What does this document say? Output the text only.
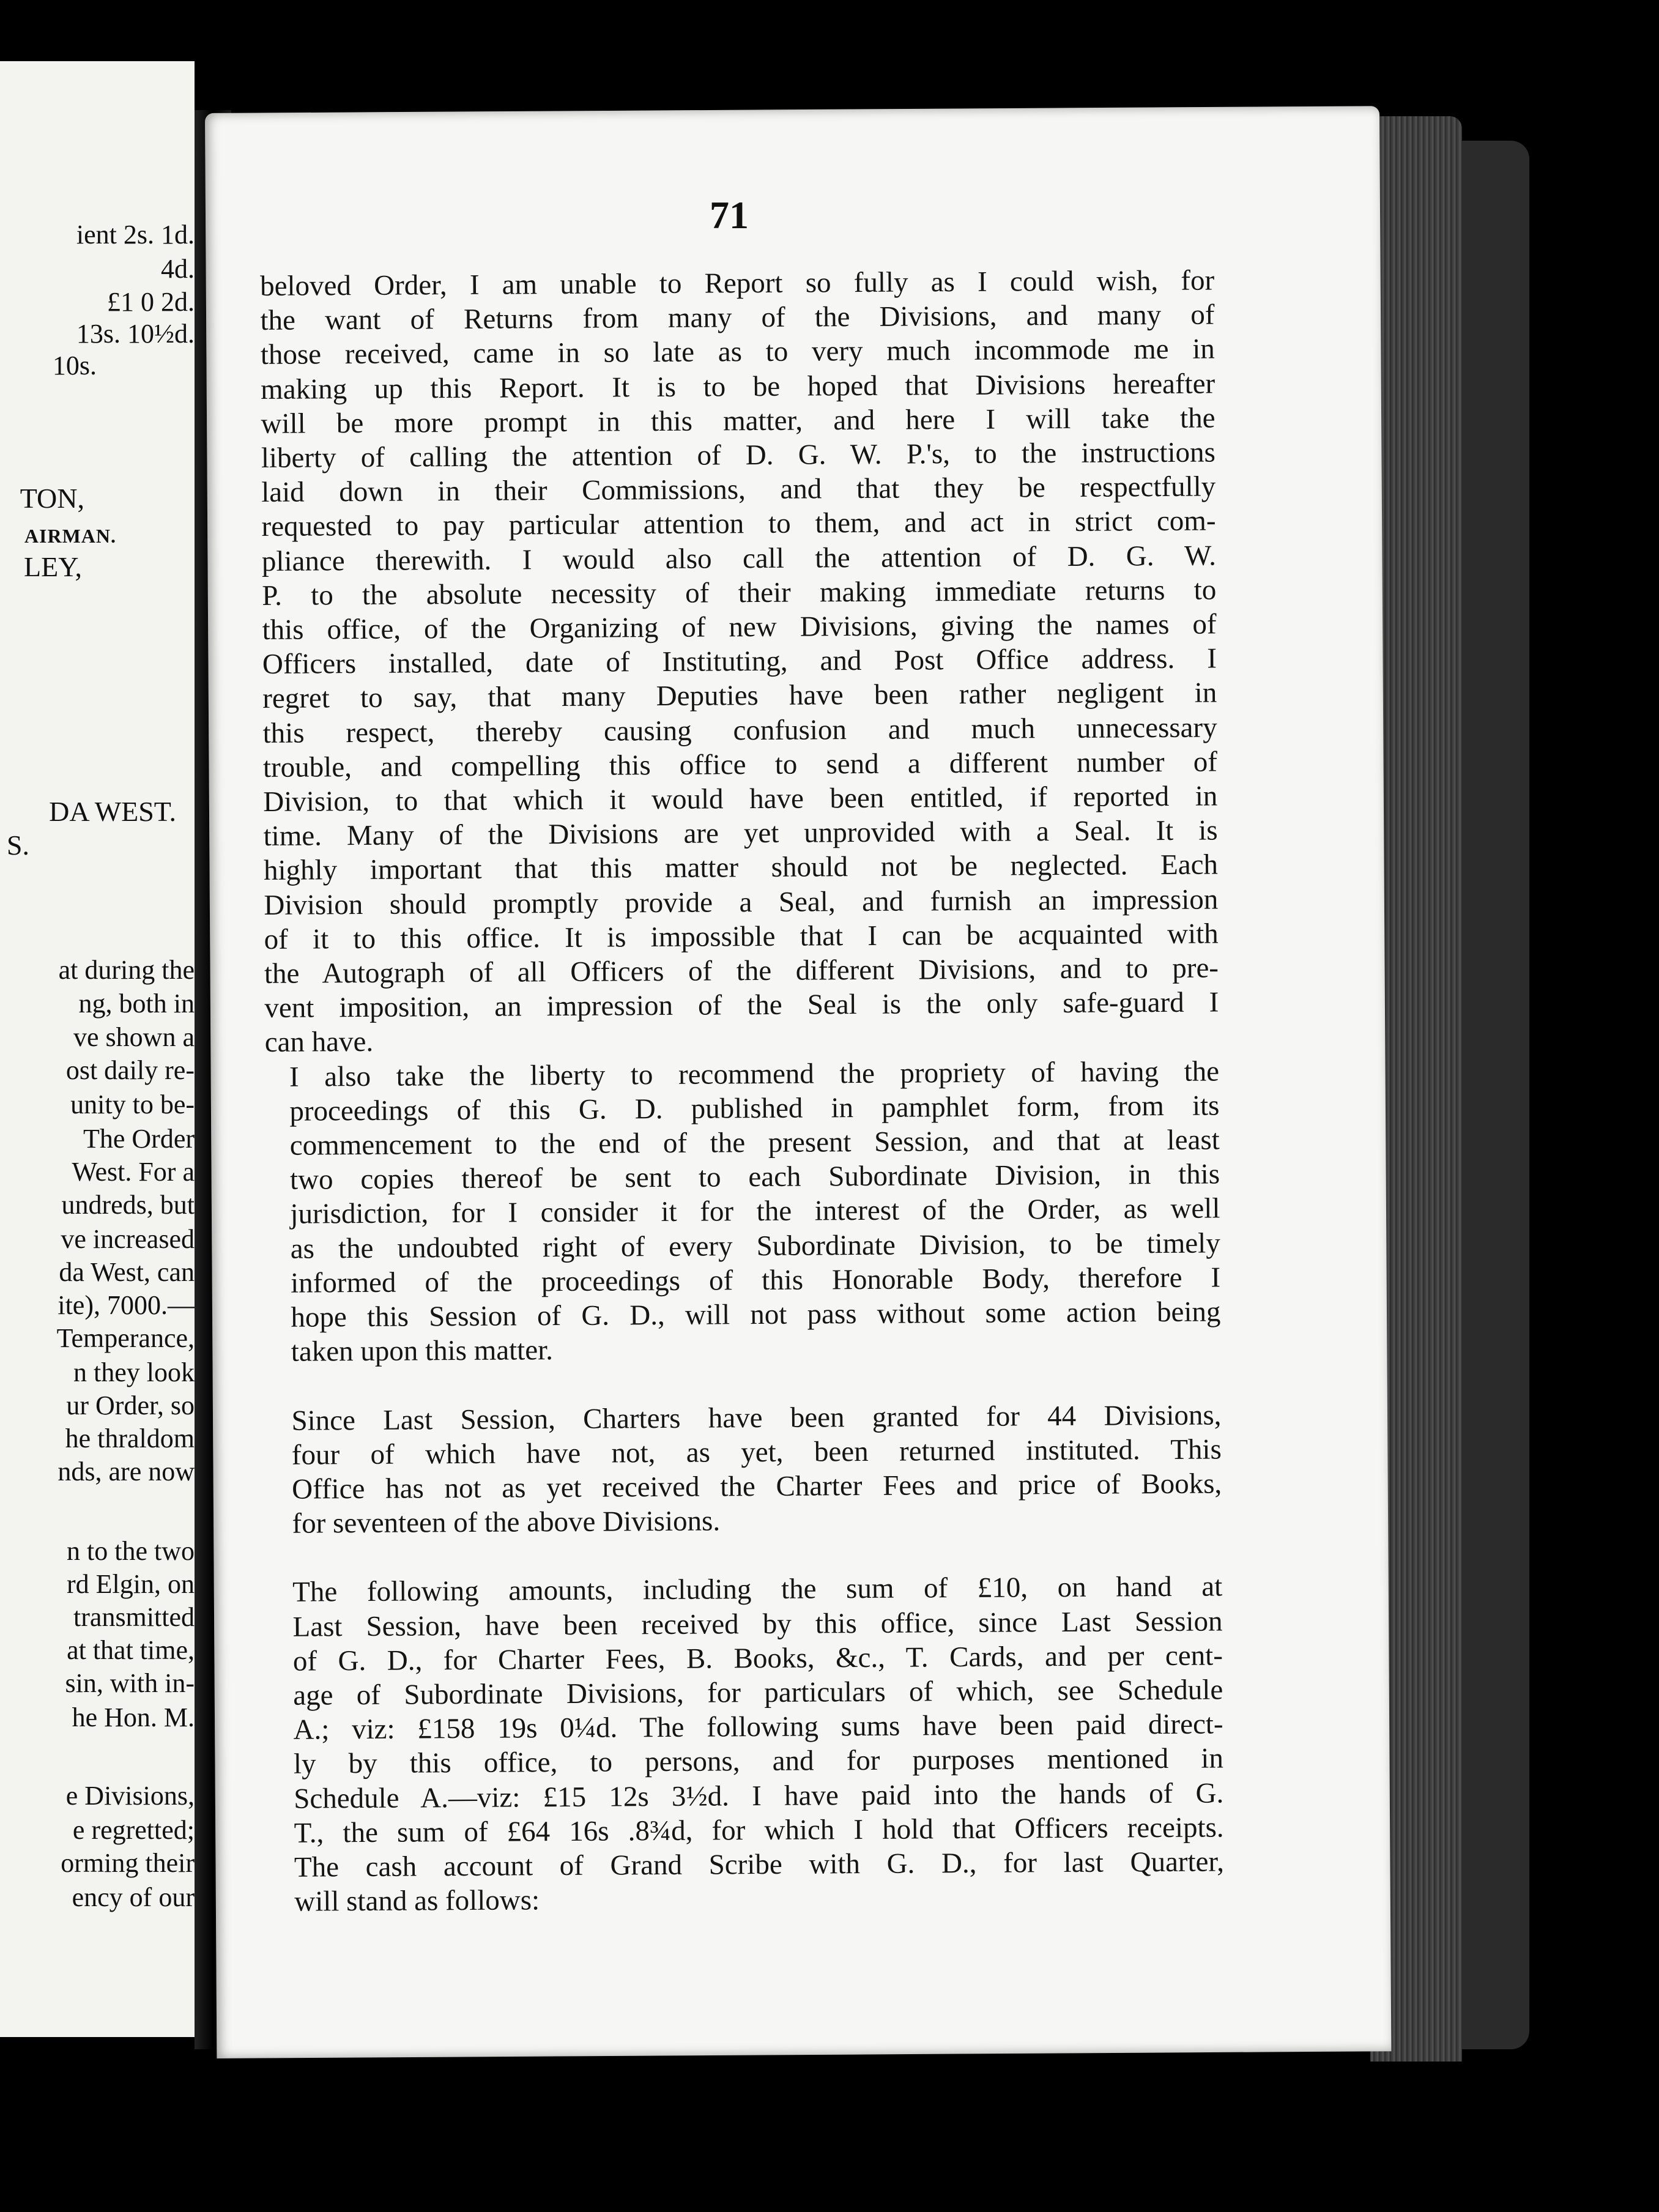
ient 2s. 1d.
4d.
£1 0 2d.
13s. 10½d.
10s.
TON,
AIRMAN.
LEY,
DA WEST.
S.
at during the
ng, both in
ve shown a
ost daily re-
unity to be-
The Order
West. For a
undreds, but
ve increased
da West, can
ite), 7000.—
Temperance,
n they look
ur Order, so
he thraldom
nds, are now
n to the two
rd Elgin, on
transmitted
at that time,
sin, with in-
he Hon. M.
e Divisions,
e regretted;
orming their
ency of our
71

beloved Order, I am unable to Report so fully as I could wish, for
the want of Returns from many of the Divisions, and many of
those received, came in so late as to very much incommode me in
making up this Report. It is to be hoped that Divisions hereafter
will be more prompt in this matter, and here I will take the
liberty of calling the attention of D. G. W. P.'s, to the instructions
laid down in their Commissions, and that they be respectfully
requested to pay particular attention to them, and act in strict com-
pliance therewith. I would also call the attention of D. G. W.
P. to the absolute necessity of their making immediate returns to
this office, of the Organizing of new Divisions, giving the names of
Officers installed, date of Instituting, and Post Office address. I
regret to say, that many Deputies have been rather negligent in
this respect, thereby causing confusion and much unnecessary
trouble, and compelling this office to send a different number of
Division, to that which it would have been entitled, if reported in
time. Many of the Divisions are yet unprovided with a Seal. It is
highly important that this matter should not be neglected. Each
Division should promptly provide a Seal, and furnish an impression
of it to this office. It is impossible that I can be acquainted with
the Autograph of all Officers of the different Divisions, and to pre-
vent imposition, an impression of the Seal is the only safe-guard I
can have.

I also take the liberty to recommend the propriety of having the
proceedings of this G. D. published in pamphlet form, from its
commencement to the end of the present Session, and that at least
two copies thereof be sent to each Subordinate Division, in this
jurisdiction, for I consider it for the interest of the Order, as well
as the undoubted right of every Subordinate Division, to be timely
informed of the proceedings of this Honorable Body, therefore I
hope this Session of G. D., will not pass without some action being
taken upon this matter.

Since Last Session, Charters have been granted for 44 Divisions,
four of which have not, as yet, been returned instituted. This
Office has not as yet received the Charter Fees and price of Books,
for seventeen of the above Divisions.

The following amounts, including the sum of £10, on hand at
Last Session, have been received by this office, since Last Session
of G. D., for Charter Fees, B. Books, &c., T. Cards, and per cent-
age of Subordinate Divisions, for particulars of which, see Schedule
A.; viz: £158 19s 0¼d. The following sums have been paid direct-
ly by this office, to persons, and for purposes mentioned in
Schedule A.—viz: £15 12s 3½d. I have paid into the hands of G.
T., the sum of £64 16s .8¾d, for which I hold that Officers receipts.
The cash account of Grand Scribe with G. D., for last Quarter,
will stand as follows:
